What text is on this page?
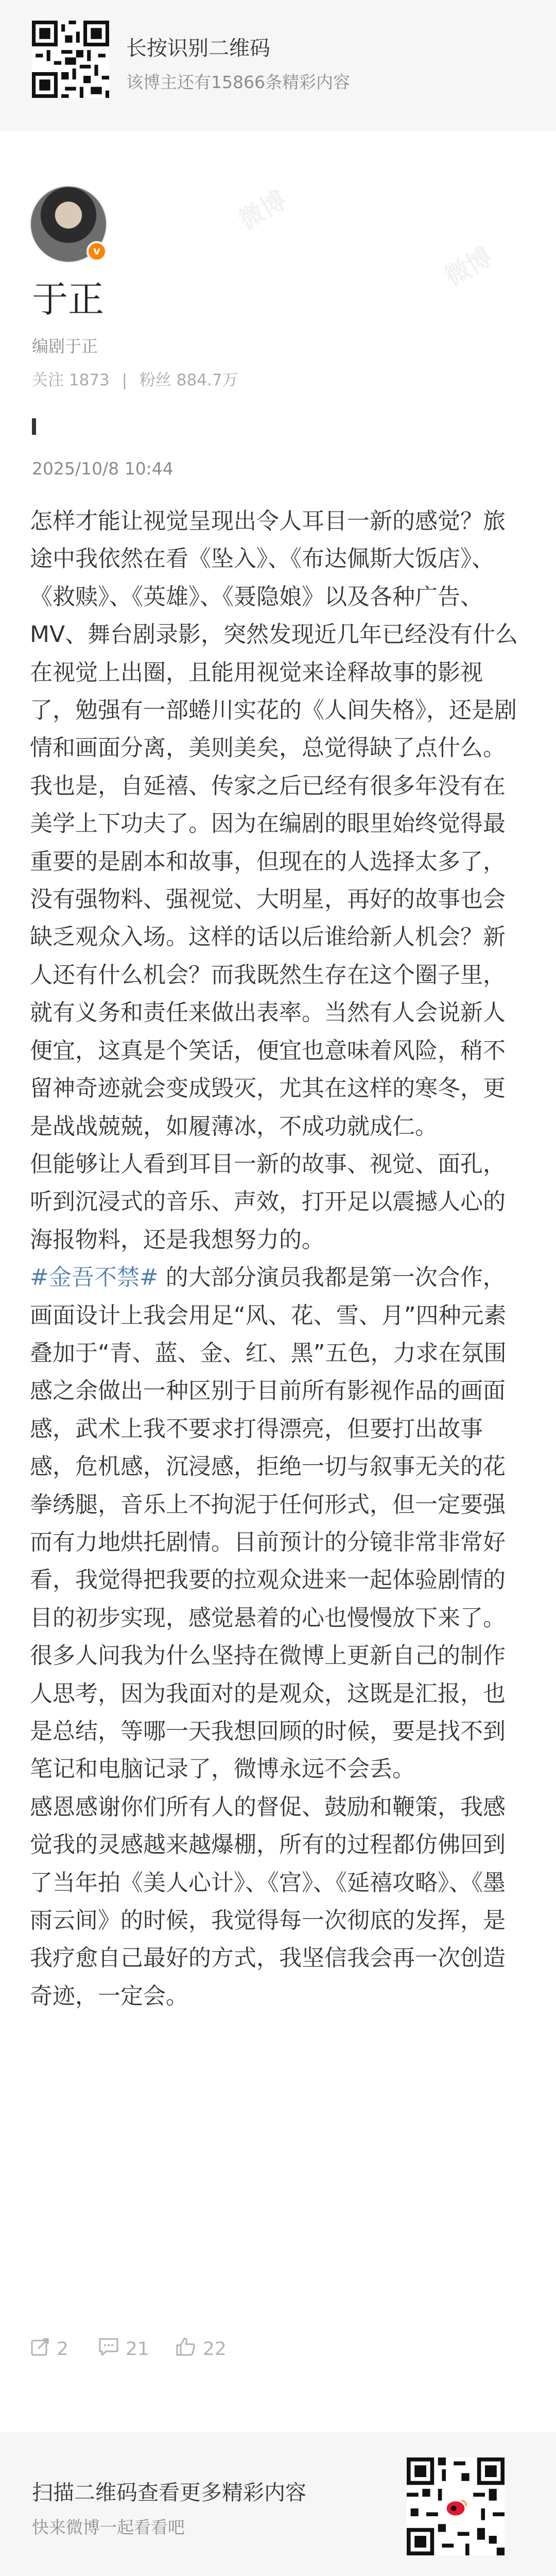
微博
微博
长按识别二维码
该博主还有15866条精彩内容
v
于正
编剧于正
关注 1873 | 粉丝 884.7万
2025/10/8 10:44

怎样才能让视觉呈现出令人耳目一新的感觉？旅途中我依然在看《坠入》、《布达佩斯大饭店》、《救赎》、《英雄》、《聂隐娘》以及各种广告、MV、舞台剧录影，突然发现近几年已经没有什么在视觉上出圈，且能用视觉来诠释故事的影视了，勉强有一部蜷川实花的《人间失格》，还是剧情和画面分离，美则美矣，总觉得缺了点什么。

我也是，自延禧、传家之后已经有很多年没有在美学上下功夫了。因为在编剧的眼里始终觉得最重要的是剧本和故事，但现在的人选择太多了，没有强物料、强视觉、大明星，再好的故事也会缺乏观众入场。这样的话以后谁给新人机会？新人还有什么机会？而我既然生存在这个圈子里，就有义务和责任来做出表率。当然有人会说新人便宜，这真是个笑话，便宜也意味着风险，稍不留神奇迹就会变成毁灭，尤其在这样的寒冬，更是战战兢兢，如履薄冰，不成功就成仁。

但能够让人看到耳目一新的故事、视觉、面孔，听到沉浸式的音乐、声效，打开足以震撼人心的海报物料，还是我想努力的。

#金吾不禁# 的大部分演员我都是第一次合作，画面设计上我会用足“风、花、雪、月”四种元素叠加于“青、蓝、金、红、黑”五色，力求在氛围感之余做出一种区别于目前所有影视作品的画面感，武术上我不要求打得漂亮，但要打出故事感，危机感，沉浸感，拒绝一切与叙事无关的花拳绣腿，音乐上不拘泥于任何形式，但一定要强而有力地烘托剧情。目前预计的分镜非常非常好看，我觉得把我要的拉观众进来一起体验剧情的目的初步实现，感觉悬着的心也慢慢放下来了。

很多人问我为什么坚持在微博上更新自己的制作人思考，因为我面对的是观众，这既是汇报，也是总结，等哪一天我想回顾的时候，要是找不到笔记和电脑记录了，微博永远不会丢。

感恩感谢你们所有人的督促、鼓励和鞭策，我感觉我的灵感越来越爆棚，所有的过程都仿佛回到了当年拍《美人心计》、《宫》、《延禧攻略》、《墨雨云间》的时候，我觉得每一次彻底的发挥，是我疗愈自己最好的方式，我坚信我会再一次创造奇迹，一定会。

2	21	22
扫描二维码查看更多精彩内容
快来微博一起看看吧
